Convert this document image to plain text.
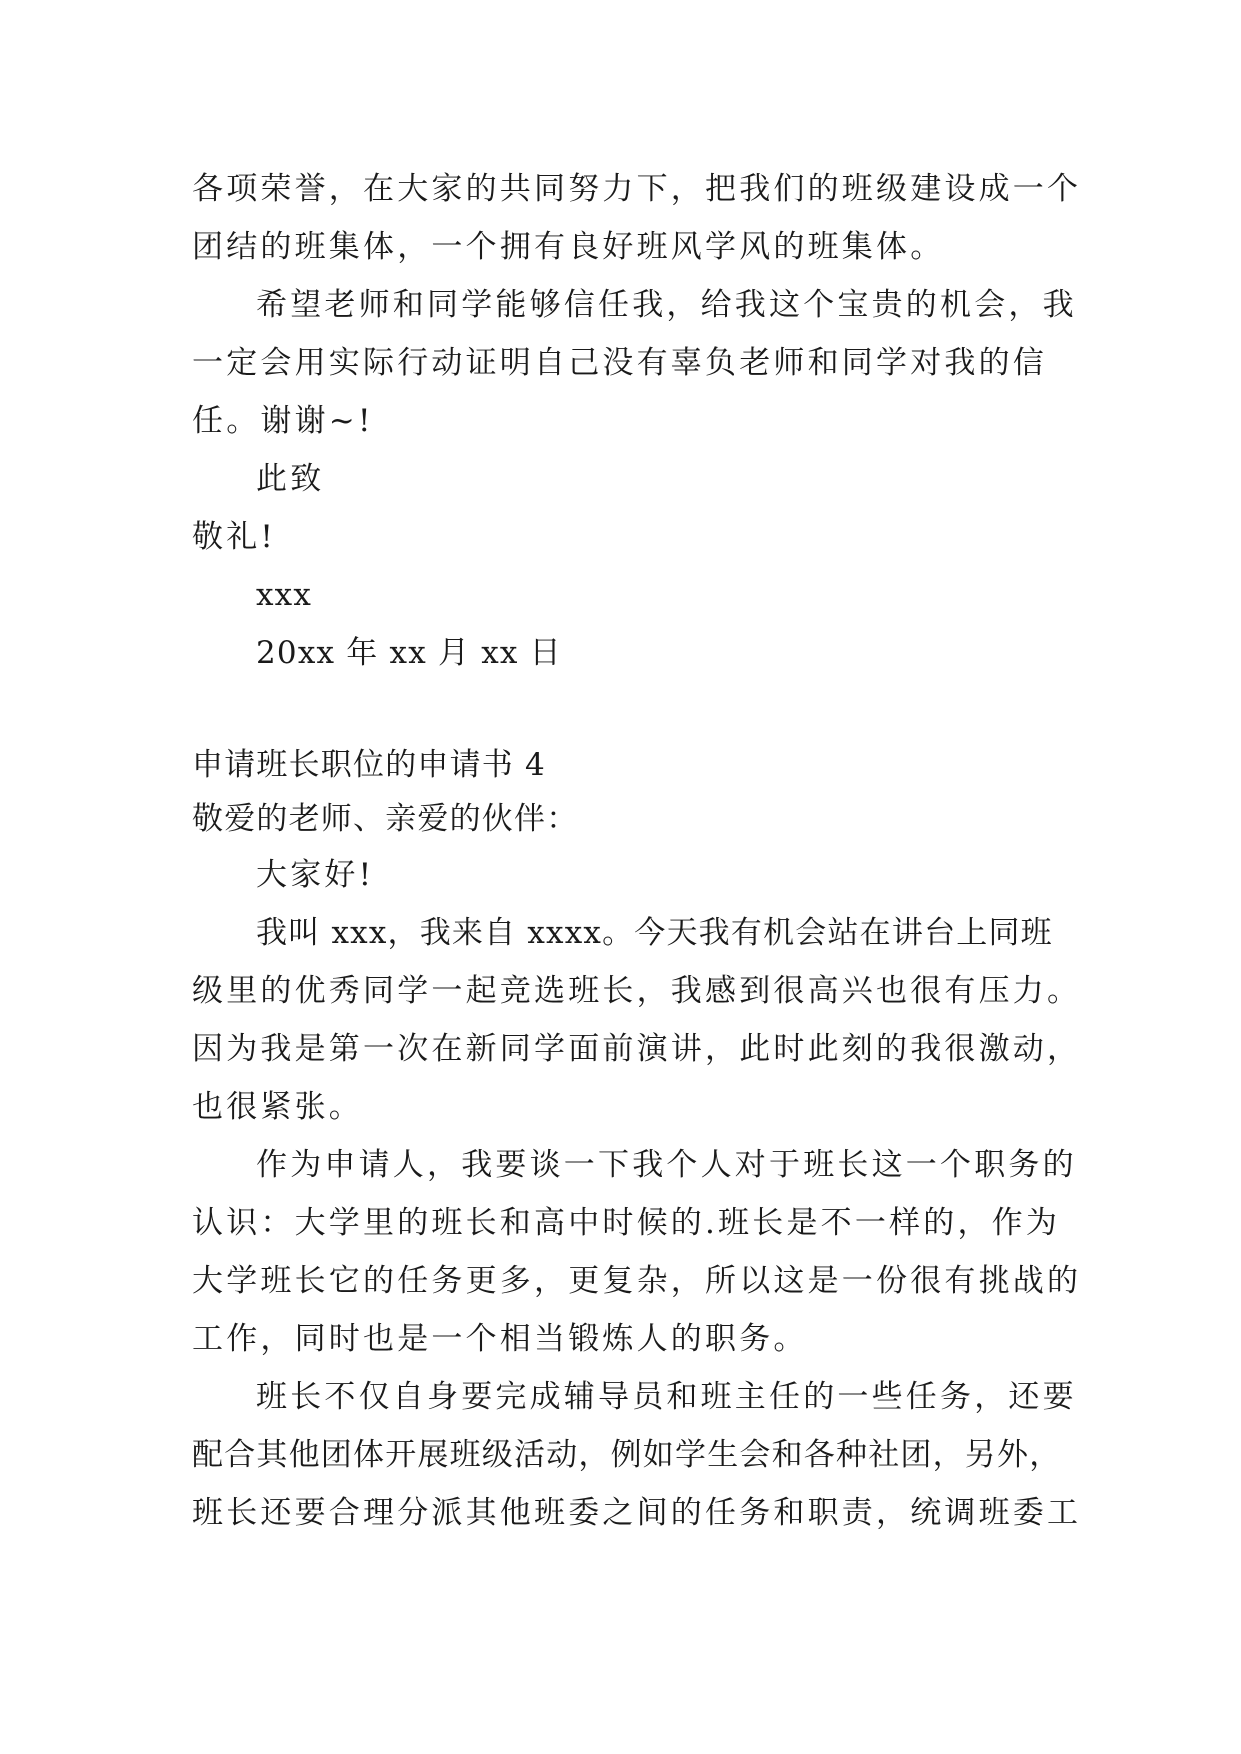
各项荣誉，在大家的共同努力下，把我们的班级建设成一个
团结的班集体，一个拥有良好班风学风的班集体。
希望老师和同学能够信任我，给我这个宝贵的机会，我
一定会用实际行动证明自己没有辜负老师和同学对我的信
任。谢谢~!
此致
敬礼!
xxx
20xx 年 xx 月 xx 日
申请班长职位的申请书 4
敬爱的老师、亲爱的伙伴：
大家好!
我叫 xxx，我来自 xxxx。今天我有机会站在讲台上同班
级里的优秀同学一起竞选班长，我感到很高兴也很有压力。
因为我是第一次在新同学面前演讲，此时此刻的我很激动，
也很紧张。
作为申请人，我要谈一下我个人对于班长这一个职务的
认识：大学里的班长和高中时候的.班长是不一样的，作为
大学班长它的任务更多，更复杂，所以这是一份很有挑战的
工作，同时也是一个相当锻炼人的职务。
班长不仅自身要完成辅导员和班主任的一些任务，还要
配合其他团体开展班级活动，例如学生会和各种社团，另外，
班长还要合理分派其他班委之间的任务和职责，统调班委工
